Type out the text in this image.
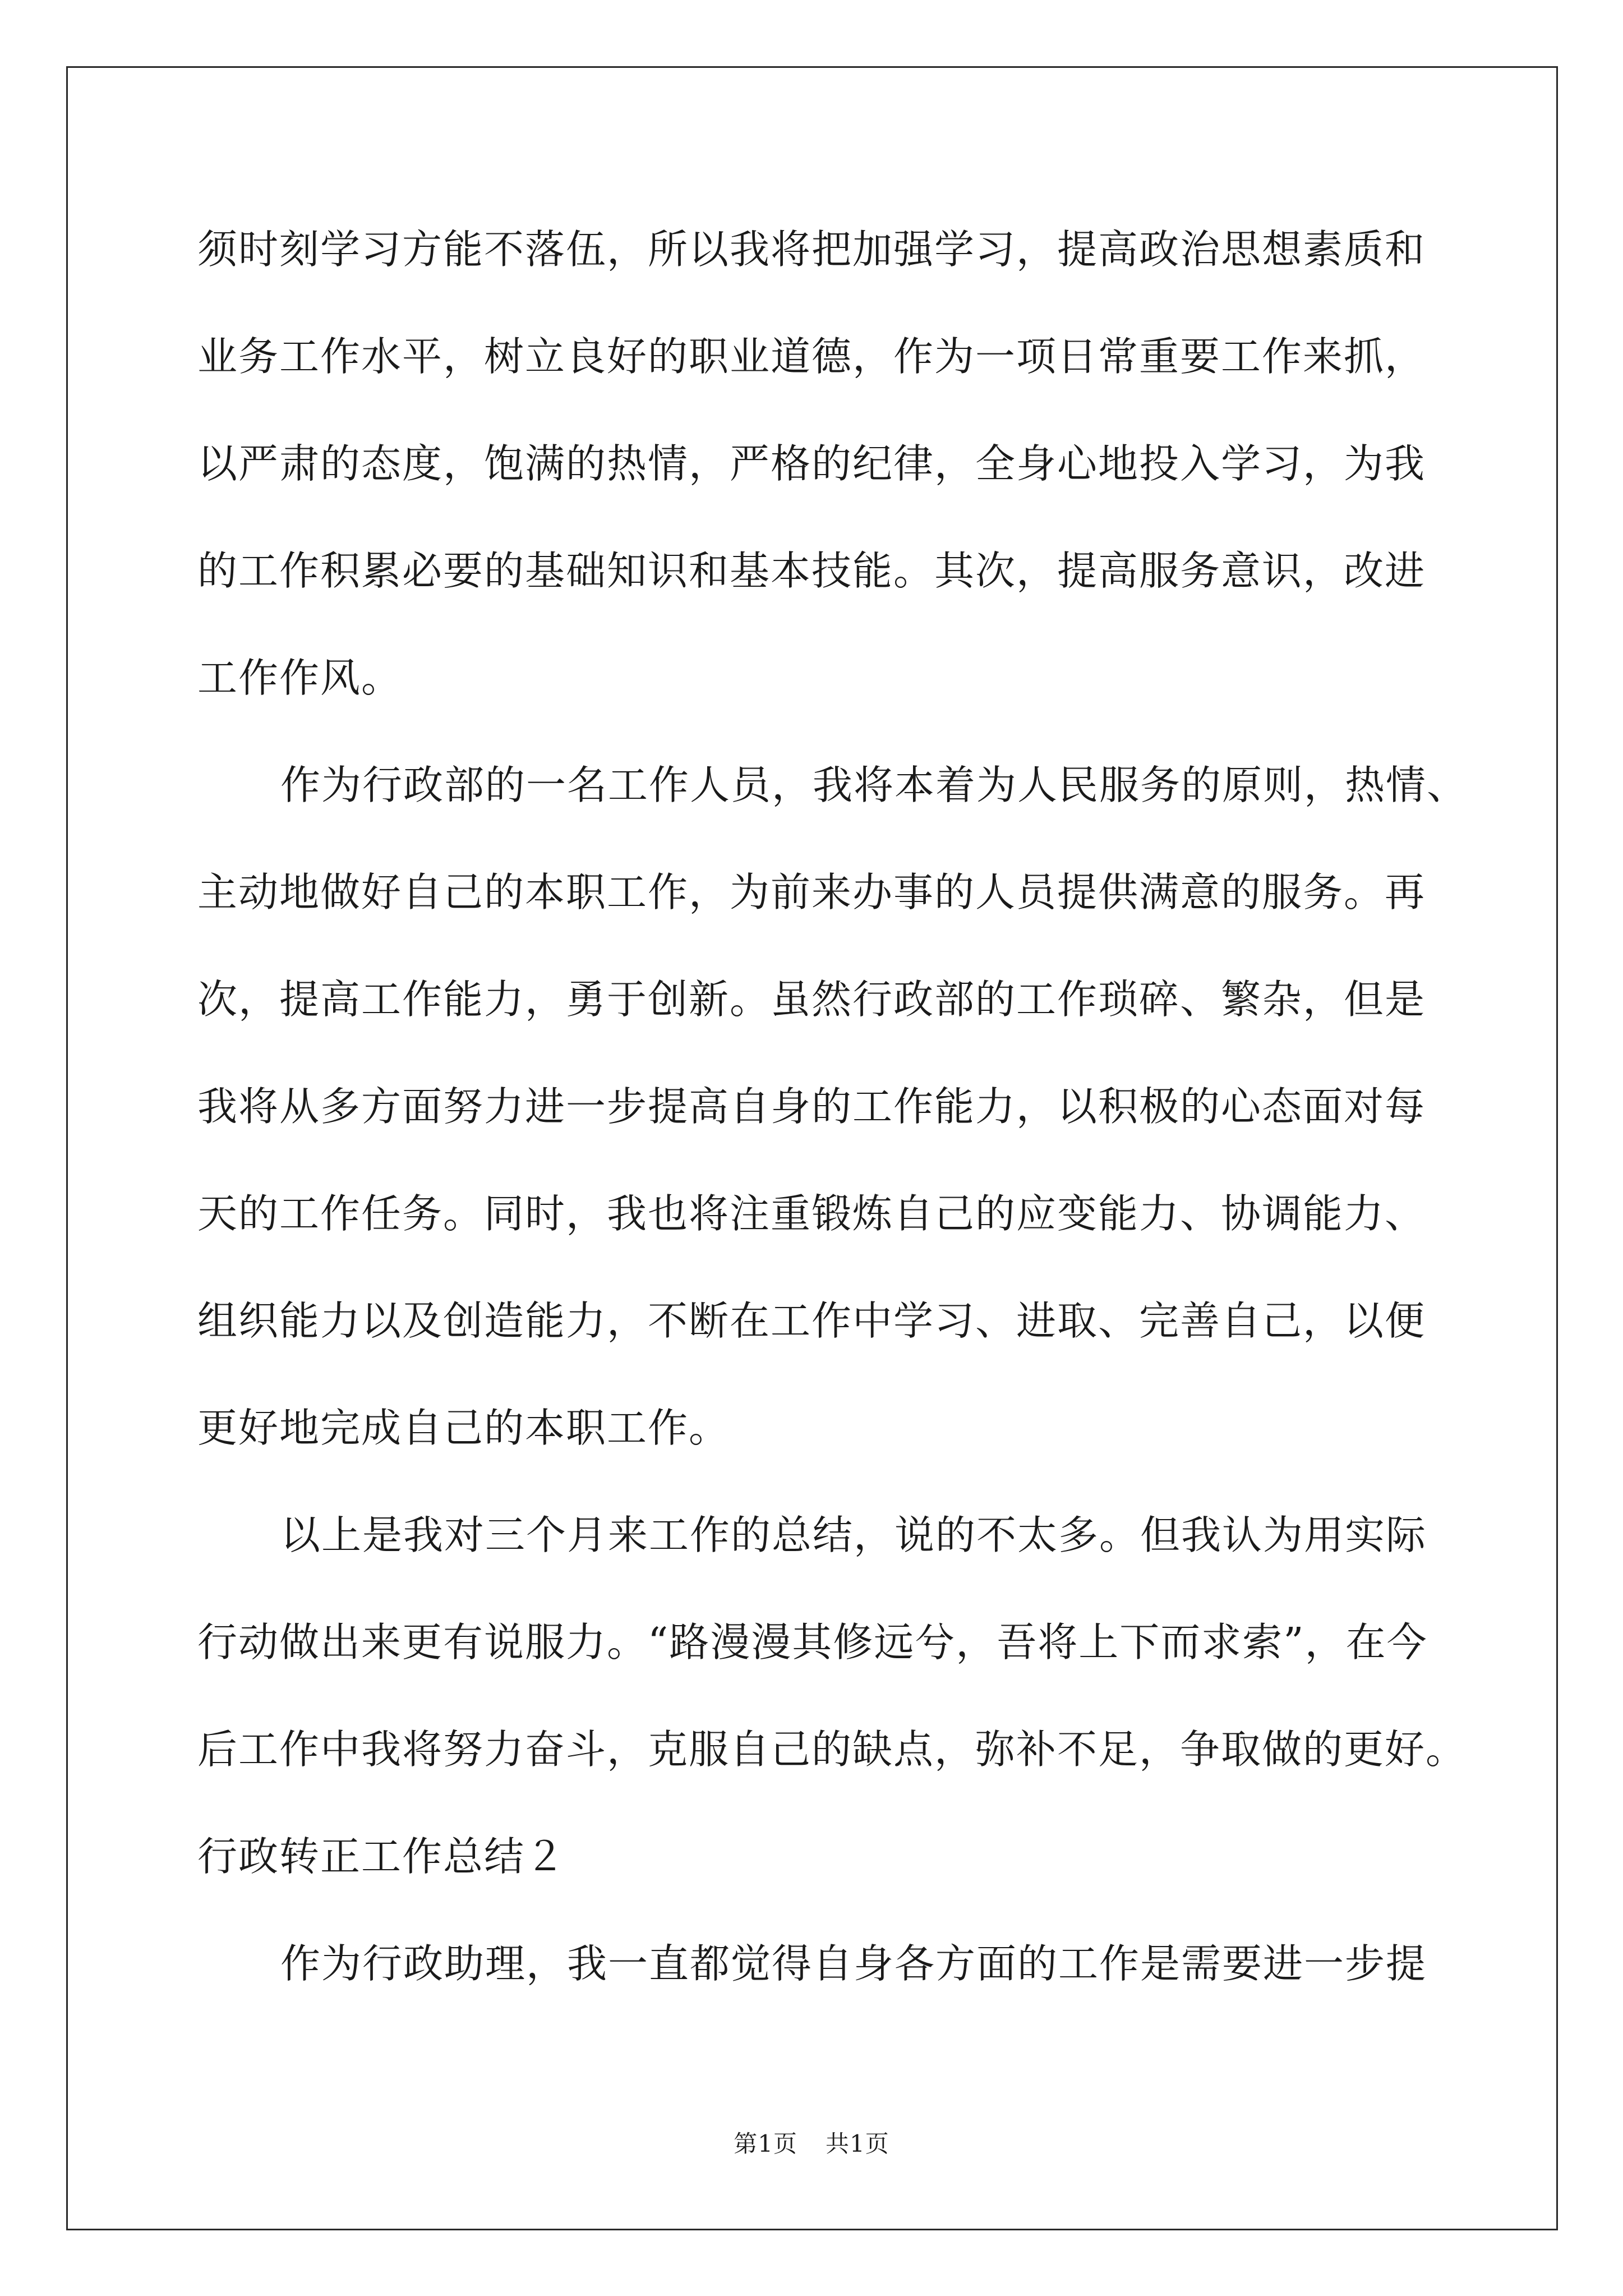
须时刻学习方能不落伍，所以我将把加强学习，提高政治思想素质和
业务工作水平，树立良好的职业道德，作为一项日常重要工作来抓，
以严肃的态度，饱满的热情，严格的纪律，全身心地投入学习，为我
的工作积累必要的基础知识和基本技能。其次，提高服务意识，改进
工作作风。
作为行政部的一名工作人员，我将本着为人民服务的原则，热情、
主动地做好自己的本职工作，为前来办事的人员提供满意的服务。再
次，提高工作能力，勇于创新。虽然行政部的工作琐碎、繁杂，但是
我将从多方面努力进一步提高自身的工作能力，以积极的心态面对每
天的工作任务。同时，我也将注重锻炼自己的应变能力、协调能力、
组织能力以及创造能力，不断在工作中学习、进取、完善自己，以便
更好地完成自己的本职工作。
以上是我对三个月来工作的总结，说的不太多。但我认为用实际
行动做出来更有说服力。“路漫漫其修远兮，吾将上下而求索”，在今
后工作中我将努力奋斗，克服自己的缺点，弥补不足，争取做的更好。
行政转正工作总结２
作为行政助理，我一直都觉得自身各方面的工作是需要进一步提
第1页 共1页
